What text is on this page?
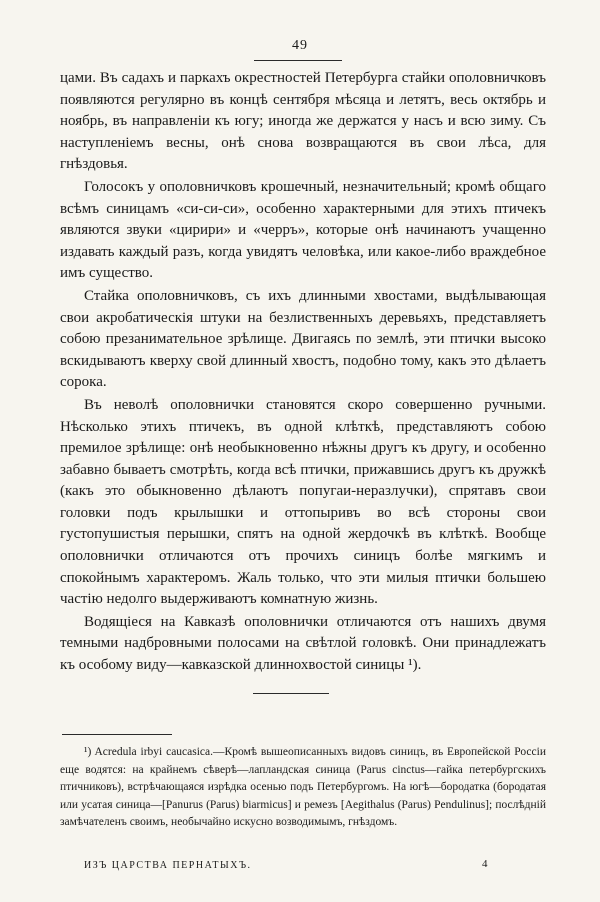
49

цами. Въ садахъ и паркахъ окрестностей Петербурга стайки ополовничковъ появляются регулярно въ концѣ сентября мѣсяца и летятъ, весь октябрь и ноябрь, въ направленіи къ югу; иногда же держатся у насъ и всю зиму. Съ наступленіемъ весны, онѣ снова возвращаются въ свои лѣса, для гнѣздовья.

Голосокъ у ополовничковъ крошечный, незначительный; кромѣ общаго всѣмъ синицамъ «си-си-си», особенно характерными для этихъ птичекъ являются звуки «цирири» и «черръ», которые онѣ начинаютъ учащенно издавать каждый разъ, когда увидятъ человѣка, или какое-либо враждебное имъ существо.

Стайка ополовничковъ, съ ихъ длинными хвостами, выдѣлывающая свои акробатическія штуки на безлиственныхъ деревьяхъ, представляетъ собою презанимательное зрѣлище. Двигаясь по землѣ, эти птички высоко вскидываютъ кверху свой длинный хвостъ, подобно тому, какъ это дѣлаетъ сорока.

Въ неволѣ ополовнички становятся скоро совершенно ручными. Нѣсколько этихъ птичекъ, въ одной клѣткѣ, представляютъ собою премилое зрѣлище: онѣ необыкновенно нѣжны другъ къ другу, и особенно забавно бываетъ смотрѣть, когда всѣ птички, прижавшись другъ къ дружкѣ (какъ это обыкновенно дѣлаютъ попугаи-неразлучки), спрятавъ свои головки подъ крылышки и оттопыривъ во всѣ стороны свои густопушистыя перышки, спятъ на одной жердочкѣ въ клѣткѣ. Вообще ополовнички отличаются отъ прочихъ синицъ болѣе мягкимъ и спокойнымъ характеромъ. Жаль только, что эти милыя птички большею частію недолго выдерживаютъ комнатную жизнь.

Водящіеся на Кавказѣ ополовнички отличаются отъ нашихъ двумя темными надбровными полосами на свѣтлой головкѣ. Они принадлежатъ къ особому виду—кавказской длиннохвостой синицы ¹).

¹) Acredula irbyi caucasica.—Кромѣ вышеописанныхъ видовъ синицъ, въ Европейской Россіи еще водятся: на крайнемъ сѣверѣ—лапландская синица (Parus cinctus—гайка петербургскихъ птичниковъ), встрѣчающаяся изрѣдка осенью подъ Петербургомъ. На югѣ—бородатка (бородатая или усатая синица—[Panurus (Parus) biarmicus] и ремезъ [Aegithalus (Parus) Pendulinus]; послѣдній замѣчателенъ своимъ, необычайно искусно возводимымъ, гнѣздомъ.

ИЗЪ ЦАРСТВА ПЕРНАТЫХЪ.	4
